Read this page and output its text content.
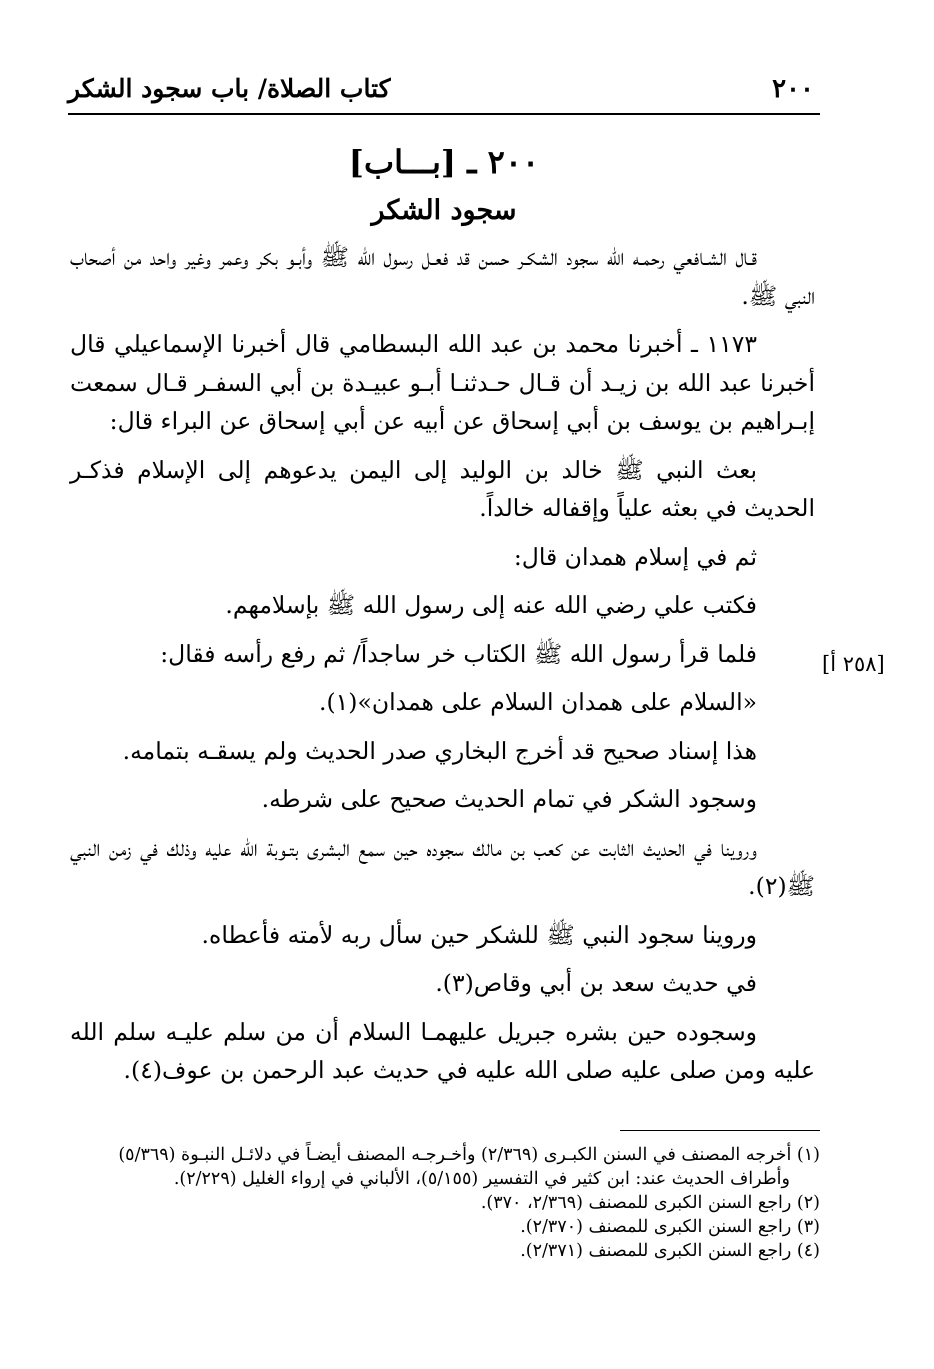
٢٠٠
كتاب الصلاة/ باب سجود الشكر
٢٠٠ ـ [بـــاب]
سجود الشكر
[٢٥٨ أ]

قـال الشـافعي رحمـه الله سجود الشكـر حسن قد فعـل رسول الله ﷺ وأبـو بكر وعمر وغير واحد من أصحاب النبي ﷺ.

١١٧٣ ـ أخبرنا محمد بن عبد الله البسطامي قال أخبرنا الإسماعيلي قال أخبرنا عبد الله بن زيـد أن قـال حـدثنـا أبـو عبيـدة بن أبي السفـر قـال سمعت إبـراهيم بن يوسف بن أبي إسحاق عن أبيه عن أبي إسحاق عن البراء قال:

بعث النبي ﷺ خالد بن الوليد إلى اليمن يدعوهم إلى الإسلام فذكـر الحديث في بعثه علياً وإقفاله خالداً.

ثم في إسلام همدان قال:

فكتب علي رضي الله عنه إلى رسول الله ﷺ بإسلامهم.

فلما قرأ رسول الله ﷺ الكتاب خر ساجداً/ ثم رفع رأسه فقال:

«السلام على همدان السلام على همدان»(١).

هذا إسناد صحيح قد أخرج البخاري صدر الحديث ولم يسقـه بتمامه.

وسجود الشكر في تمام الحديث صحيح على شرطه.

وروينا في الحديث الثابت عن كعب بن مالك سجوده حين سمع البشرى بتـوبة الله عليه وذلك في زمن النبي ﷺ(٢).

وروينا سجود النبي ﷺ للشكر حين سأل ربه لأمته فأعطاه.

في حديث سعد بن أبي وقاص(٣).

وسجوده حين بشره جبريل عليهمـا السلام أن من سلم عليـه سلم الله عليه ومن صلى عليه صلى الله عليه في حديث عبد الرحمن بن عوف(٤).

(١) أخرجه المصنف في السنن الكبـرى (٢/٣٦٩) وأخـرجـه المصنف أيضـاً في دلائـل النبـوة (٥/٣٦٩)

وأطراف الحديث عند: ابن كثير في التفسير (٥/١٥٥)، الألباني في إرواء الغليل (٢/٢٢٩).

(٢) راجع السنن الكبرى للمصنف (٢/٣٦٩، ٣٧٠).

(٣) راجع السنن الكبرى للمصنف (٢/٣٧٠).

(٤) راجع السنن الكبرى للمصنف (٢/٣٧١).
